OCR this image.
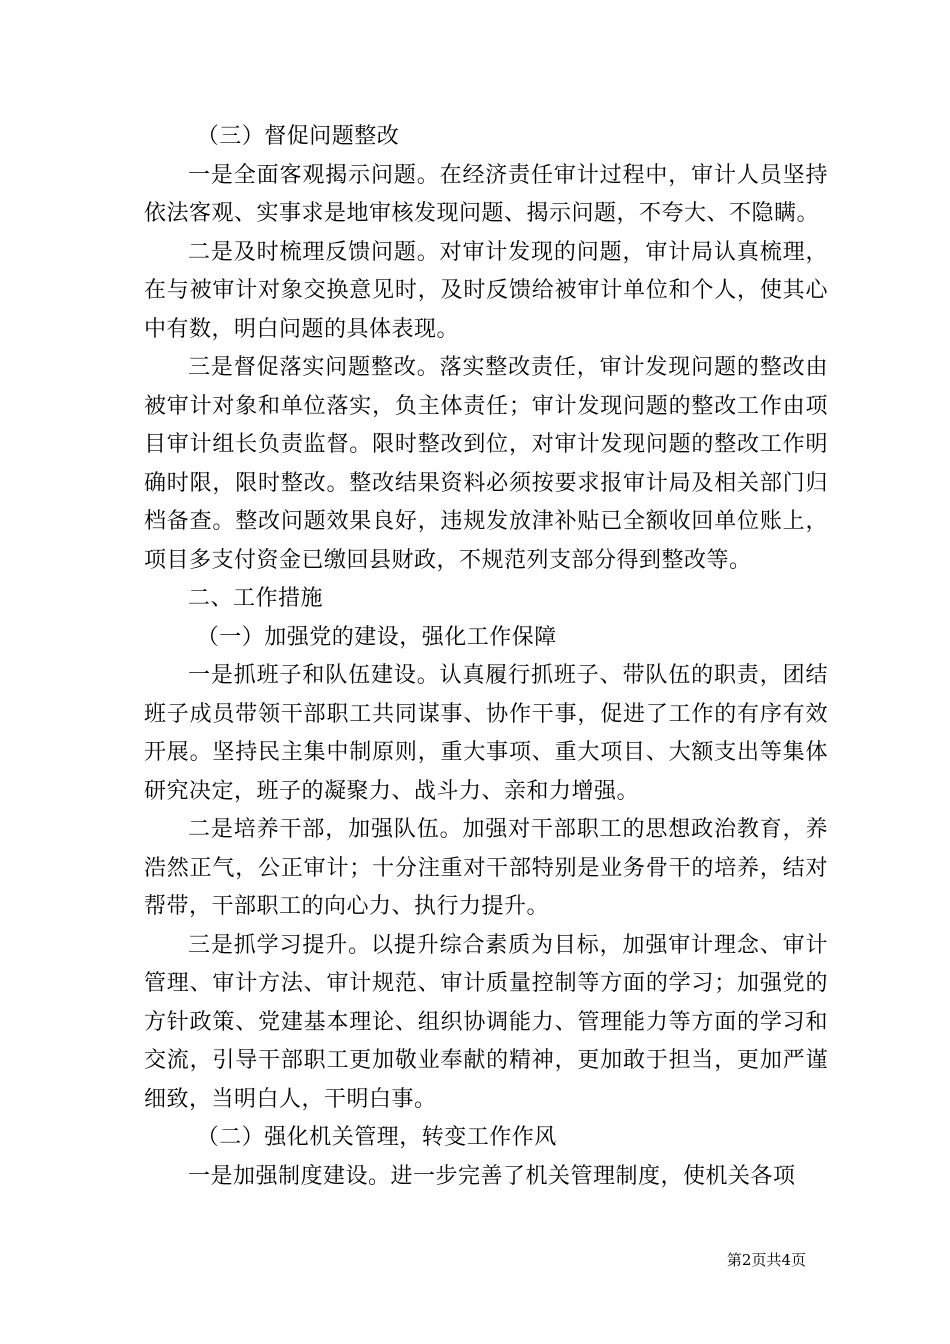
（三）督促问题整改

一是全面客观揭示问题。在经济责任审计过程中，审计人员坚持依法客观、实事求是地审核发现问题、揭示问题，不夸大、不隐瞒。

二是及时梳理反馈问题。对审计发现的问题，审计局认真梳理，在与被审计对象交换意见时，及时反馈给被审计单位和个人，使其心中有数，明白问题的具体表现。

三是督促落实问题整改。落实整改责任，审计发现问题的整改由被审计对象和单位落实，负主体责任；审计发现问题的整改工作由项目审计组长负责监督。限时整改到位，对审计发现问题的整改工作明确时限，限时整改。整改结果资料必须按要求报审计局及相关部门归档备查。整改问题效果良好，违规发放津补贴已全额收回单位账上，项目多支付资金已缴回县财政，不规范列支部分得到整改等。

二、工作措施

（一）加强党的建设，强化工作保障

一是抓班子和队伍建设。认真履行抓班子、带队伍的职责，团结班子成员带领干部职工共同谋事、协作干事，促进了工作的有序有效开展。坚持民主集中制原则，重大事项、重大项目、大额支出等集体研究决定，班子的凝聚力、战斗力、亲和力增强。

二是培养干部，加强队伍。加强对干部职工的思想政治教育，养浩然正气，公正审计；十分注重对干部特别是业务骨干的培养，结对帮带，干部职工的向心力、执行力提升。

三是抓学习提升。以提升综合素质为目标，加强审计理念、审计管理、审计方法、审计规范、审计质量控制等方面的学习；加强党的方针政策、党建基本理论、组织协调能力、管理能力等方面的学习和交流，引导干部职工更加敬业奉献的精神，更加敢于担当，更加严谨细致，当明白人，干明白事。

（二）强化机关管理，转变工作作风

一是加强制度建设。进一步完善了机关管理制度，使机关各项

第2页共4页
